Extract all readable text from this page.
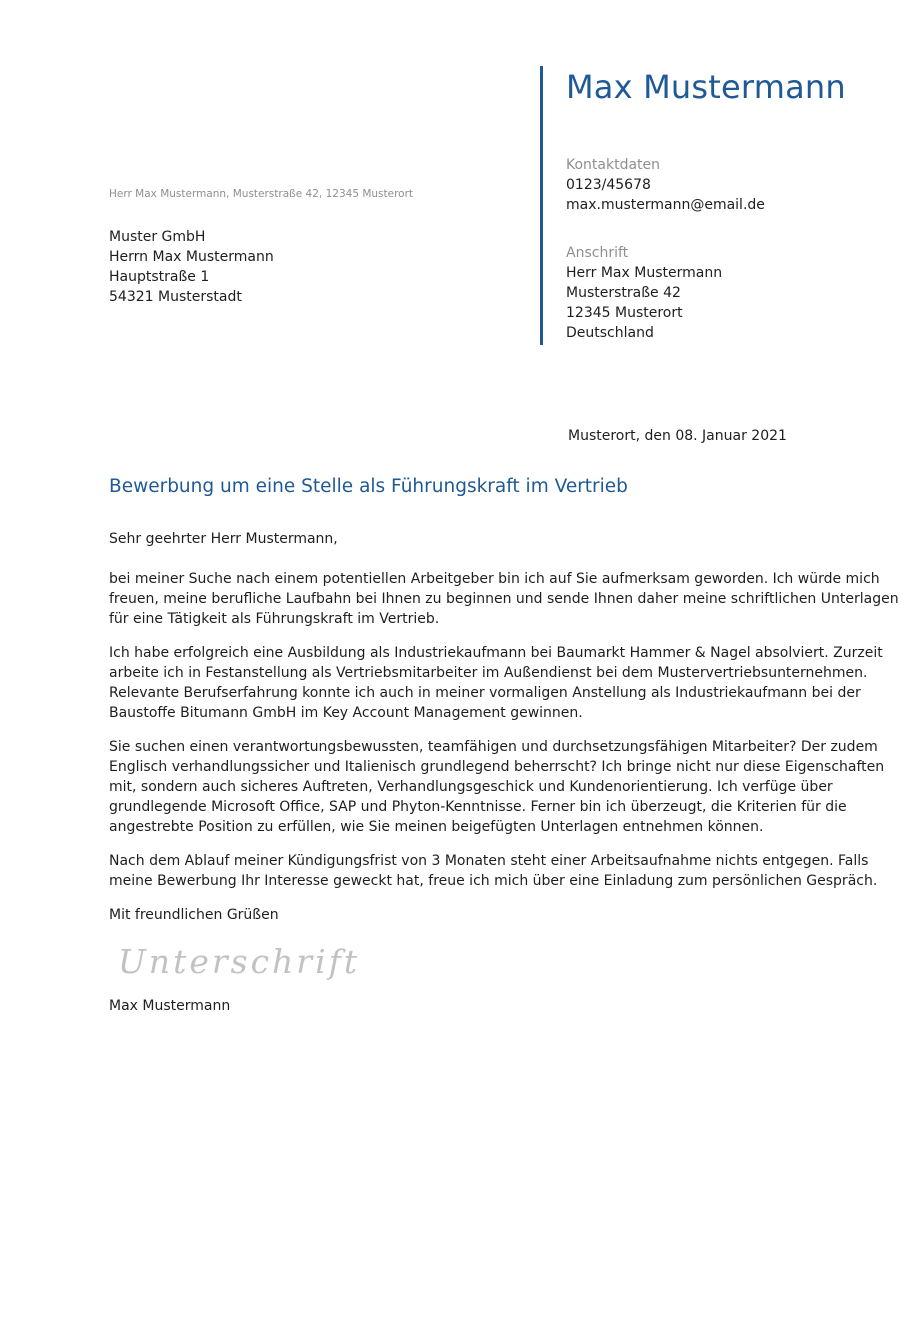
Max Mustermann
Kontaktdaten
0123/45678
max.mustermann@email.de
Anschrift
Herr Max Mustermann
Musterstraße 42
12345 Musterort
Deutschland
Herr Max Mustermann, Musterstraße 42, 12345 Musterort
Muster GmbH
Herrn Max Mustermann
Hauptstraße 1
54321 Musterstadt
Musterort, den 08. Januar 2021
Bewerbung um eine Stelle als Führungskraft im Vertrieb
Sehr geehrter Herr Mustermann,
bei meiner Suche nach einem potentiellen Arbeitgeber bin ich auf Sie aufmerksam geworden. Ich würde mich
freuen, meine berufliche Laufbahn bei Ihnen zu beginnen und sende Ihnen daher meine schriftlichen Unterlagen
für eine Tätigkeit als Führungskraft im Vertrieb.
Ich habe erfolgreich eine Ausbildung als Industriekaufmann bei Baumarkt Hammer & Nagel absolviert. Zurzeit
arbeite ich in Festanstellung als Vertriebsmitarbeiter im Außendienst bei dem Mustervertriebsunternehmen.
Relevante Berufserfahrung konnte ich auch in meiner vormaligen Anstellung als Industriekaufmann bei der
Baustoffe Bitumann GmbH im Key Account Management gewinnen.
Sie suchen einen verantwortungsbewussten, teamfähigen und durchsetzungsfähigen Mitarbeiter? Der zudem
Englisch verhandlungssicher und Italienisch grundlegend beherrscht? Ich bringe nicht nur diese Eigenschaften
mit, sondern auch sicheres Auftreten, Verhandlungsgeschick und Kundenorientierung. Ich verfüge über
grundlegende Microsoft Office, SAP und Phyton-Kenntnisse. Ferner bin ich überzeugt, die Kriterien für die
angestrebte Position zu erfüllen, wie Sie meinen beigefügten Unterlagen entnehmen können.
Nach dem Ablauf meiner Kündigungsfrist von 3 Monaten steht einer Arbeitsaufnahme nichts entgegen. Falls
meine Bewerbung Ihr Interesse geweckt hat, freue ich mich über eine Einladung zum persönlichen Gespräch.
Mit freundlichen Grüßen
Unterschrift
Max Mustermann
